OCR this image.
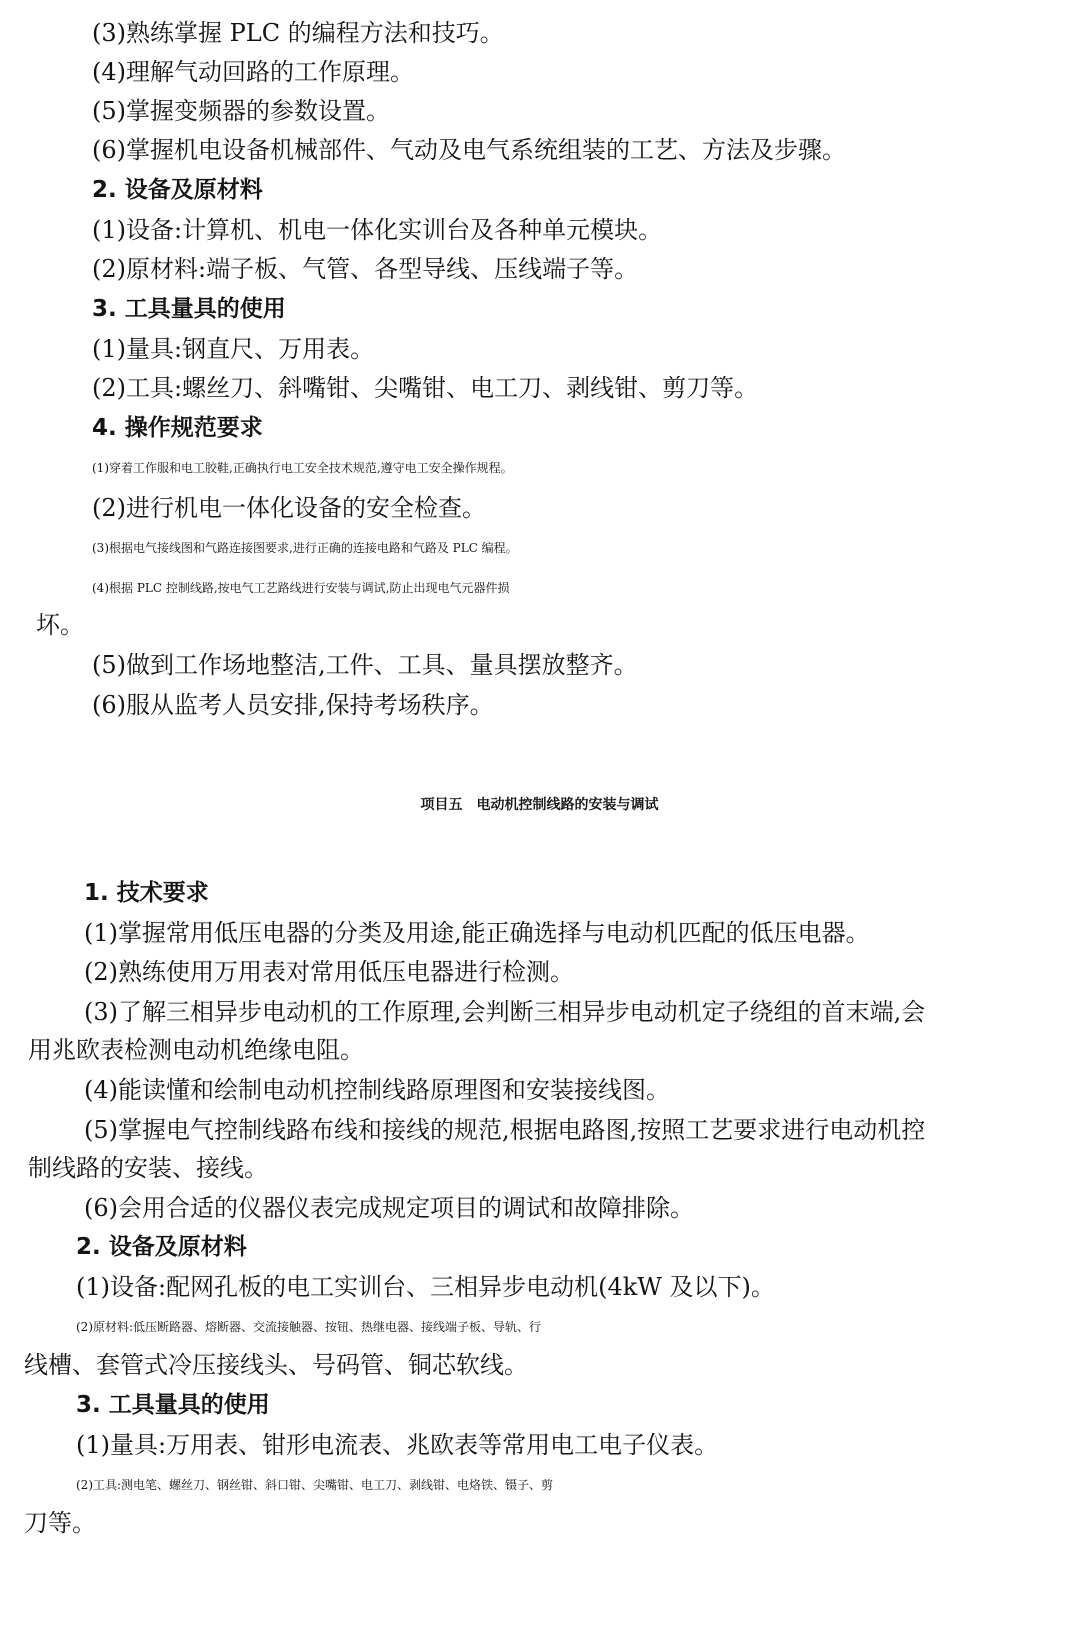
(3)熟练掌握 PLC 的编程方法和技巧。

(4)理解气动回路的工作原理。

(5)掌握变频器的参数设置。

(6)掌握机电设备机械部件、气动及电气系统组装的工艺、方法及步骤。

2. 设备及原材料

(1)设备:计算机、机电一体化实训台及各种单元模块。

(2)原材料:端子板、气管、各型导线、压线端子等。

3. 工具量具的使用

(1)量具:钢直尺、万用表。

(2)工具:螺丝刀、斜嘴钳、尖嘴钳、电工刀、剥线钳、剪刀等。

4. 操作规范要求

(1)穿着工作服和电工胶鞋,正确执行电工安全技术规范,遵守电工安全操作规程。

(2)进行机电一体化设备的安全检查。

(3)根据电气接线图和气路连接图要求,进行正确的连接电路和气路及 PLC 编程。

(4)根据 PLC 控制线路,按电气工艺路线进行安装与调试,防止出现电气元器件损

坏。

(5)做到工作场地整洁,工件、工具、量具摆放整齐。

(6)服从监考人员安排,保持考场秩序。

项目五　电动机控制线路的安装与调试

1. 技术要求

(1)掌握常用低压电器的分类及用途,能正确选择与电动机匹配的低压电器。

(2)熟练使用万用表对常用低压电器进行检测。

(3)了解三相异步电动机的工作原理,会判断三相异步电动机定子绕组的首末端,会

用兆欧表检测电动机绝缘电阻。

(4)能读懂和绘制电动机控制线路原理图和安装接线图。

(5)掌握电气控制线路布线和接线的规范,根据电路图,按照工艺要求进行电动机控

制线路的安装、接线。

(6)会用合适的仪器仪表完成规定项目的调试和故障排除。

2. 设备及原材料

(1)设备:配网孔板的电工实训台、三相异步电动机(4kW 及以下)。

(2)原材料:低压断路器、熔断器、交流接触器、按钮、热继电器、接线端子板、导轨、行

线槽、套管式冷压接线头、号码管、铜芯软线。

3. 工具量具的使用

(1)量具:万用表、钳形电流表、兆欧表等常用电工电子仪表。

(2)工具:测电笔、螺丝刀、钢丝钳、斜口钳、尖嘴钳、电工刀、剥线钳、电烙铁、镊子、剪

刀等。
